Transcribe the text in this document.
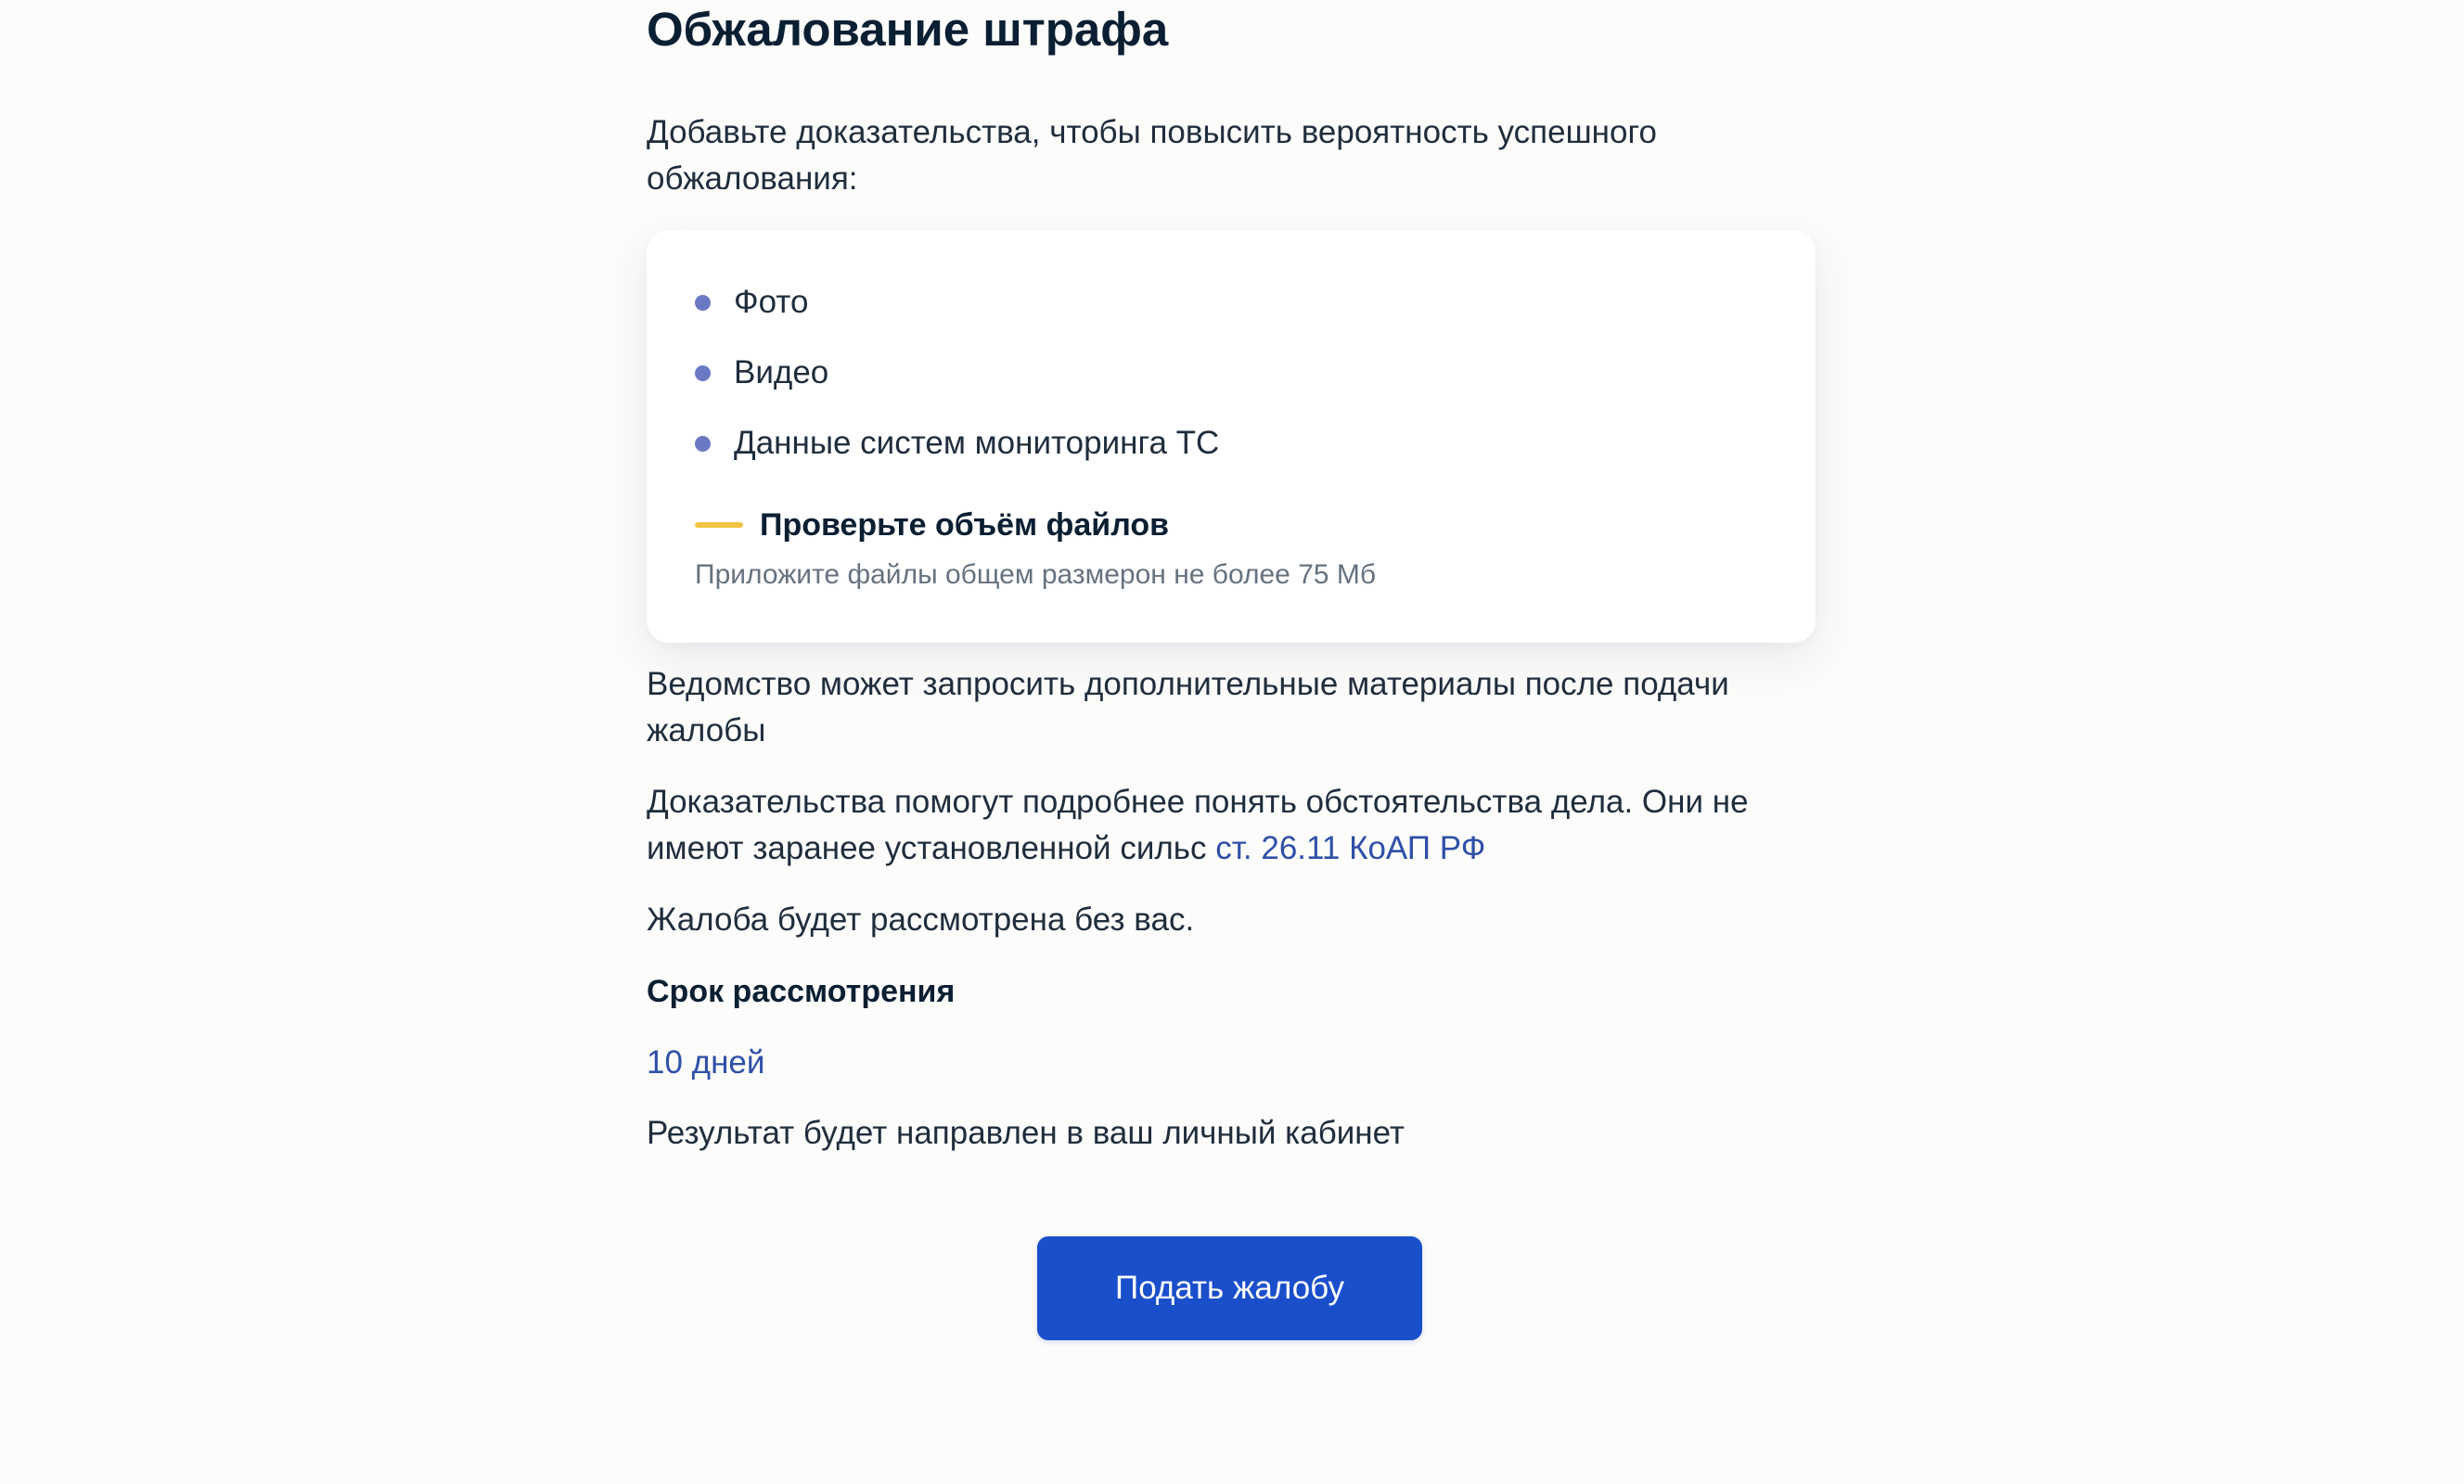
Обжалование штрафа
Добавьте доказательства, чтобы повысить вероятность успешного обжалования:
Фото
Видео
Данные систем мониторинга ТС
Проверьте объём файлов
Приложите файлы общем размерон не более 75 Мб
Ведомство может запросить дополнительные материалы после подачи жалобы
Доказательства помогут подробнее понять обстоятельства дела. Они не имеют заранее установленной сильс ст. 26.11 КоАП РФ
Жалоба будет рассмотрена без вас.
Срок рассмотрения
10 дней
Результат будет направлен в ваш личный кабинет
Подать жалобу
